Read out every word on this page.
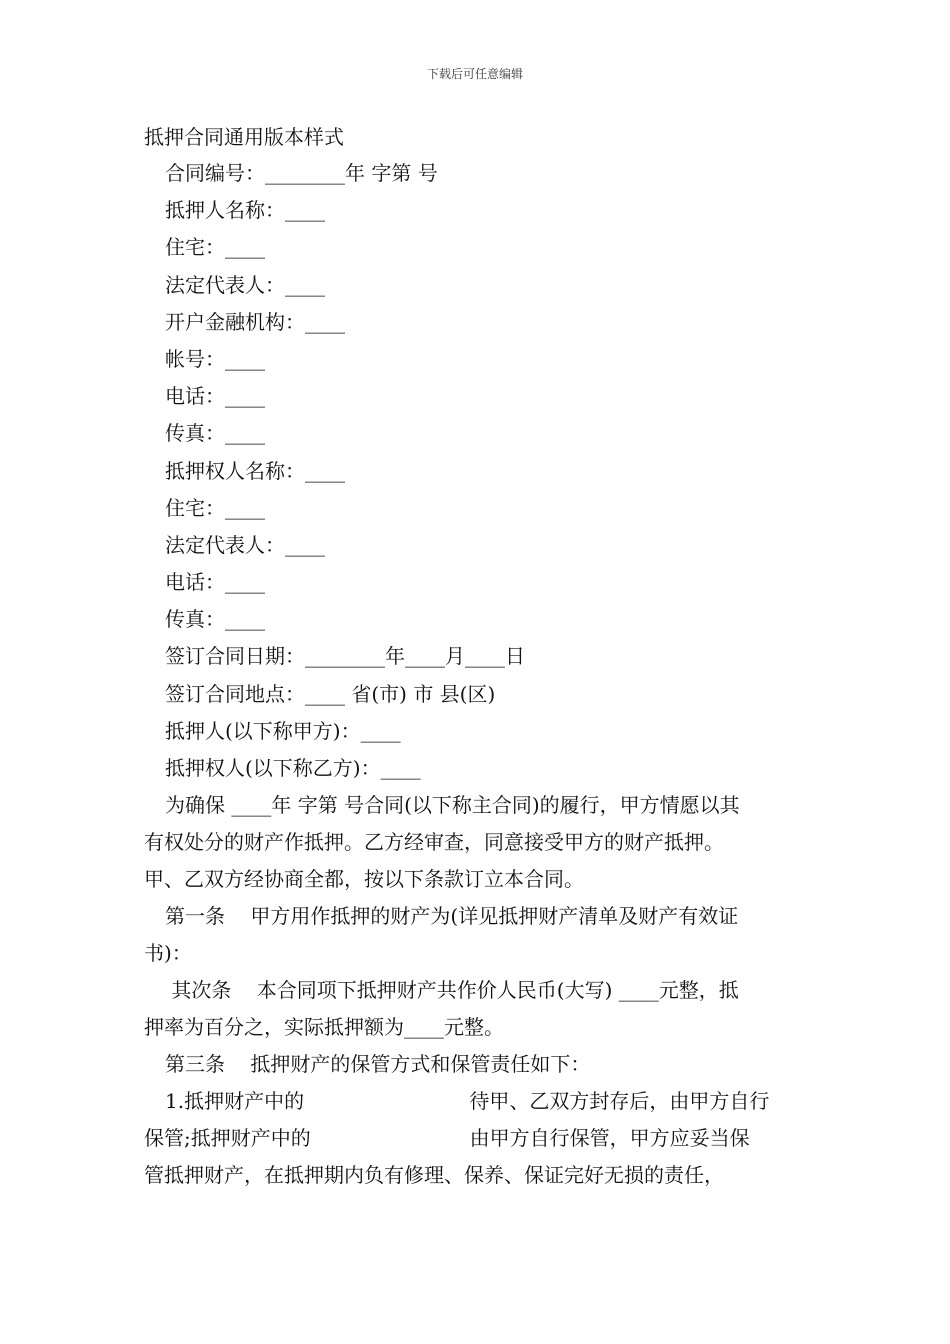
下载后可任意编辑
抵押合同通用版本样式
合同编号：________年 字第 号
抵押人名称：____
住宅：____
法定代表人：____
开户金融机构：____
帐号：____
电话：____
传真：____
抵押权人名称：____
住宅：____
法定代表人：____
电话：____
传真：____
签订合同日期：________年____月____日
签订合同地点：____ 省(市) 市 县(区)
抵押人(以下称甲方)：____
抵押权人(以下称乙方)：____
为确保 ____年 字第 号合同(以下称主合同)的履行，甲方情愿以其
有权处分的财产作抵押。乙方经审查，同意接受甲方的财产抵押。
甲、乙双方经协商全都，按以下条款订立本合同。
第一条    甲方用作抵押的财产为(详见抵押财产清单及财产有效证
书)：
其次条    本合同项下抵押财产共作价人民币(大写) ____元整，抵
押率为百分之，实际抵押额为____元整。
第三条    抵押财产的保管方式和保管责任如下：
1.抵押财产中的                          待甲、乙双方封存后，由甲方自行
保管;抵押财产中的                         由甲方自行保管，甲方应妥当保
管抵押财产，在抵押期内负有修理、保养、保证完好无损的责任，
